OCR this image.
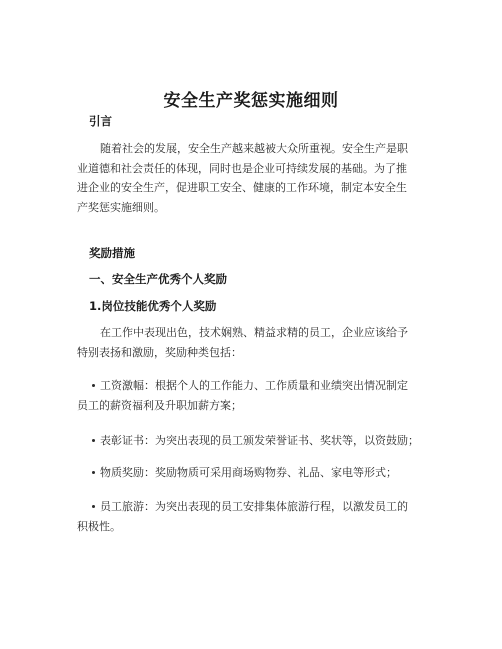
安全生产奖惩实施细则
引言
随着社会的发展，安全生产越来越被大众所重视。安全生产是职
业道德和社会责任的体现，同时也是企业可持续发展的基础。为了推
进企业的安全生产，促进职工安全、健康的工作环境，制定本安全生
产奖惩实施细则。
奖励措施
一、安全生产优秀个人奖励
1.岗位技能优秀个人奖励
在工作中表现出色，技术娴熟、精益求精的员工，企业应该给予
特别表扬和激励，奖励种类包括：
工资激幅：根据个人的工作能力、工作质量和业绩突出情况制定
员工的薪资福利及升职加薪方案；
表彰证书：为突出表现的员工颁发荣誉证书、奖状等，以资鼓励；
物质奖励：奖励物质可采用商场购物券、礼品、家电等形式；
员工旅游：为突出表现的员工安排集体旅游行程，以激发员工的
积极性。
